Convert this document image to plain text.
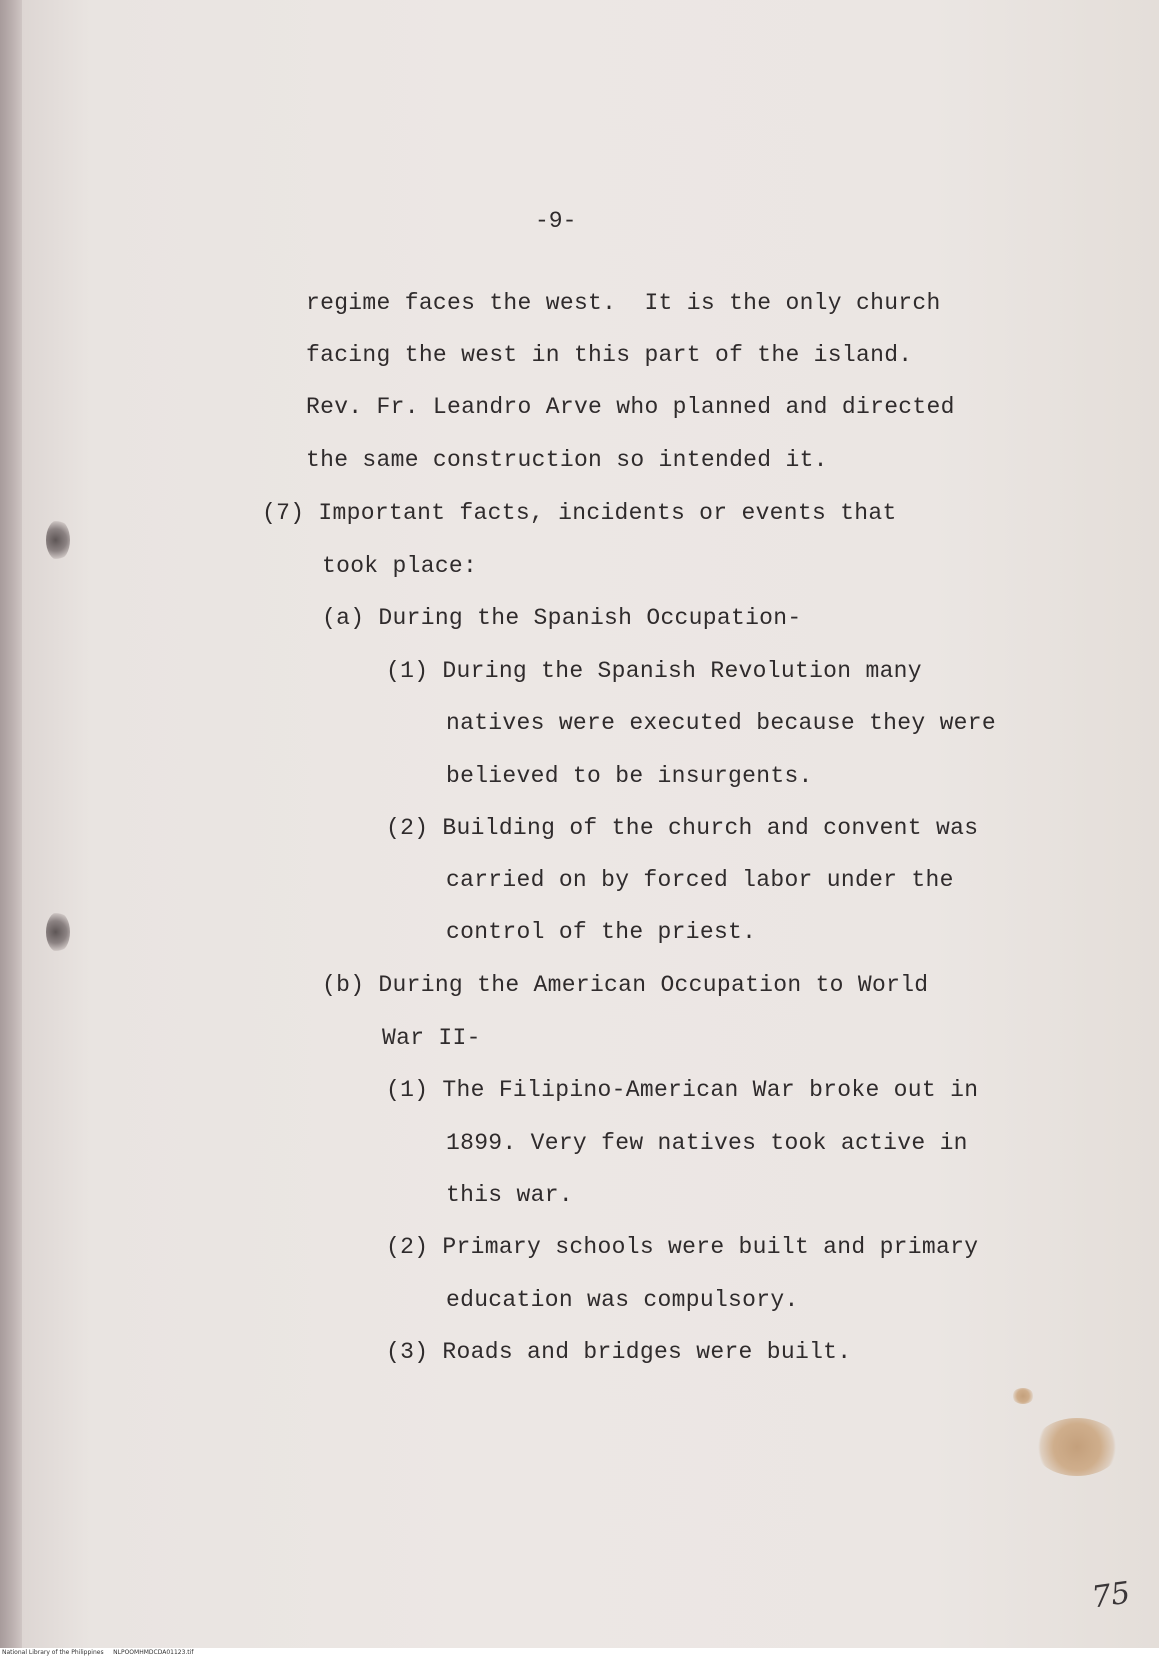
-9-

regime faces the west.  It is the only church

facing the west in this part of the island.

Rev. Fr. Leandro Arve who planned and directed

the same construction so intended it.

(7) Important facts, incidents or events that

took place:

(a) During the Spanish Occupation-

(1) During the Spanish Revolution many

natives were executed because they were

believed to be insurgents.

(2) Building of the church and convent was

carried on by forced labor under the

control of the priest.

(b) During the American Occupation to World

War II-

(1) The Filipino-American War broke out in

1899. Very few natives took active in

this war.

(2) Primary schools were built and primary

education was compulsory.

(3) Roads and bridges were built.

75
National Library of the Philippines NLPOOMHMDCDA01123.tif
